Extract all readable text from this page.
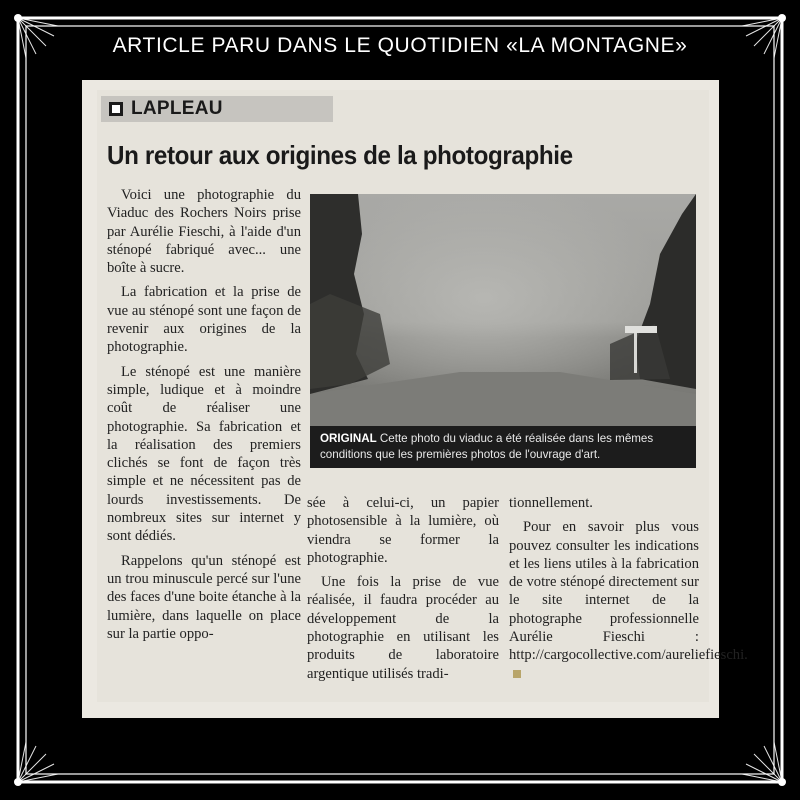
ARTICLE PARU DANS LE QUOTIDIEN «LA MONTAGNE»
LAPLEAU
Un retour aux origines de la photographie

Voici une photographie du Viaduc des Rochers Noirs prise par Aurélie Fieschi, à l'aide d'un sténopé fabriqué avec... une boîte à sucre.

La fabrication et la prise de vue au sténopé sont une façon de revenir aux origines de la photographie.

Le sténopé est une manière simple, ludique et à moindre coût de réaliser une photographie. Sa fabrication et la réalisation des premiers clichés se font de façon très simple et ne nécessitent pas de lourds investissements. De nombreux sites sur internet y sont dédiés.

Rappelons qu'un sténopé est un trou minuscule percé sur l'une des faces d'une boite étanche à la lumière, dans laquelle on place sur la partie oppo-

ORIGINAL Cette photo du viaduc a été réalisée dans les mêmes conditions que les premières photos de l'ouvrage d'art.

sée à celui-ci, un papier photosensible à la lumière, où viendra se former la photographie.

Une fois la prise de vue réalisée, il faudra procéder au développement de la photographie en utilisant les produits de laboratoire argentique utilisés tradi-

tionnellement.

Pour en savoir plus vous pouvez consulter les indications et les liens utiles à la fabrication de votre sténopé directement sur le site internet de la photographe professionnelle Aurélie Fieschi : http://cargocollective.com/aureliefieschi.
